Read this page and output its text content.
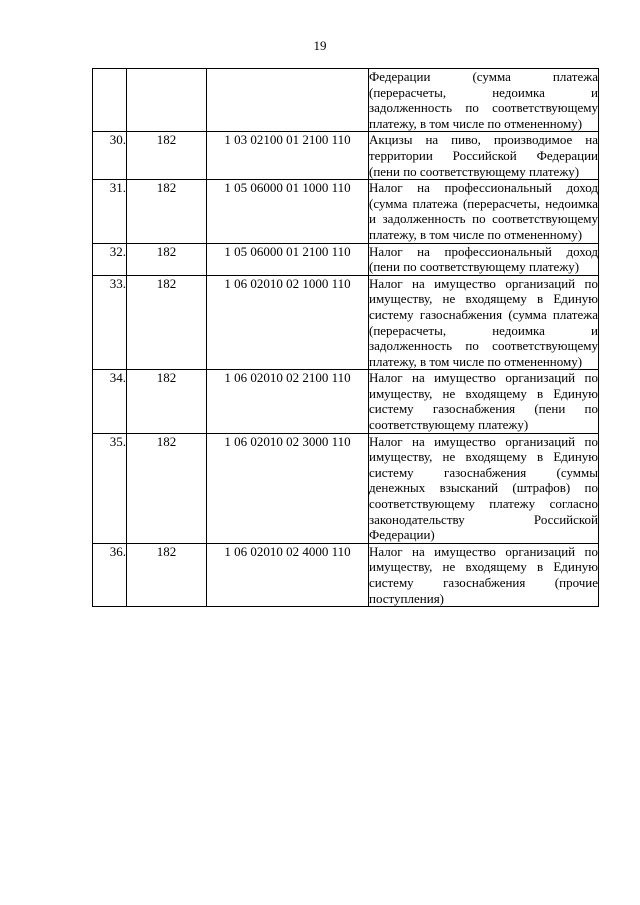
19
			Федерации (сумма платежа (перерасчеты, недоимка и задолженность по соответствующему платежу, в том числе по отмененному)
30.	182	1 03 02100 01 2100 110	Акцизы на пиво, производимое на территории Российской Федерации (пени по соответствующему платежу)
31.	182	1 05 06000 01 1000 110	Налог на профессиональный доход (сумма платежа (перерасчеты, недоимка и задолженность по соответствующему платежу, в том числе по отмененному)
32.	182	1 05 06000 01 2100 110	Налог на профессиональный доход (пени по соответствующему платежу)
33.	182	1 06 02010 02 1000 110	Налог на имущество организаций по имуществу, не входящему в Единую систему газоснабжения (сумма платежа (перерасчеты, недоимка и задолженность по соответствующему платежу, в том числе по отмененному)
34.	182	1 06 02010 02 2100 110	Налог на имущество организаций по имуществу, не входящему в Единую систему газоснабжения (пени по соответствующему платежу)
35.	182	1 06 02010 02 3000 110	Налог на имущество организаций по имуществу, не входящему в Единую систему газоснабжения (суммы денежных взысканий (штрафов) по соответствующему платежу согласно законодательству Российской Федерации)
36.	182	1 06 02010 02 4000 110	Налог на имущество организаций по имуществу, не входящему в Единую систему газоснабжения (прочие поступления)
